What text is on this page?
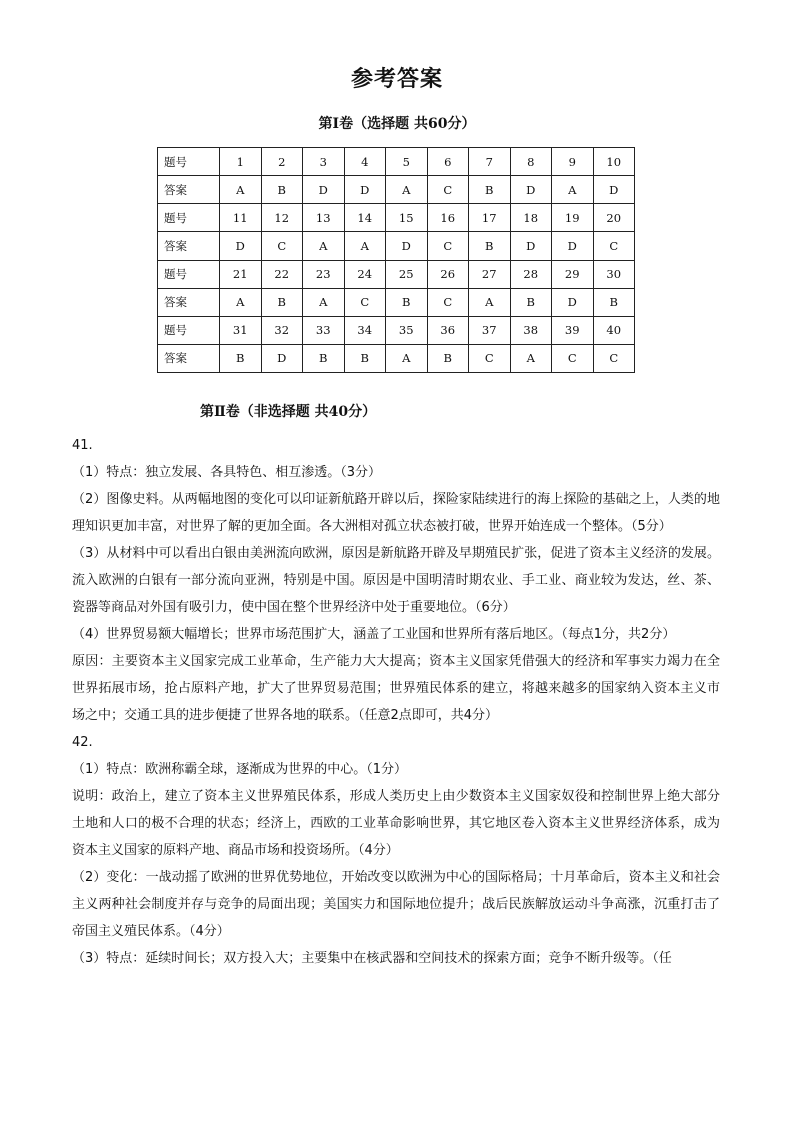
参考答案
第Ⅰ卷（选择题 共60分）
题号	1	2	3	4	5	6	7	8	9	10
答案	A	B	D	D	A	C	B	D	A	D
题号	11	12	13	14	15	16	17	18	19	20
答案	D	C	A	A	D	C	B	D	D	C
题号	21	22	23	24	25	26	27	28	29	30
答案	A	B	A	C	B	C	A	B	D	B
题号	31	32	33	34	35	36	37	38	39	40
答案	B	D	B	B	A	B	C	A	C	C
第Ⅱ卷（非选择题 共40分）

41.

（1）特点：独立发展、各具特色、相互渗透。（3分）

（2）图像史料。从两幅地图的变化可以印证新航路开辟以后，探险家陆续进行的海上探险的基础之上，人类的地理知识更加丰富，对世界了解的更加全面。各大洲相对孤立状态被打破，世界开始连成一个整体。（5分）

（3）从材料中可以看出白银由美洲流向欧洲，原因是新航路开辟及早期殖民扩张，促进了资本主义经济的发展。流入欧洲的白银有一部分流向亚洲，特别是中国。原因是中国明清时期农业、手工业、商业较为发达，丝、茶、瓷器等商品对外国有吸引力，使中国在整个世界经济中处于重要地位。（6分）

（4）世界贸易额大幅增长；世界市场范围扩大，涵盖了工业国和世界所有落后地区。（每点1分，共2分）

原因：主要资本主义国家完成工业革命，生产能力大大提高；资本主义国家凭借强大的经济和军事实力竭力在全世界拓展市场，抢占原料产地，扩大了世界贸易范围；世界殖民体系的建立，将越来越多的国家纳入资本主义市场之中；交通工具的进步便捷了世界各地的联系。（任意2点即可，共4分）

42.

（1）特点：欧洲称霸全球，逐渐成为世界的中心。（1分）

说明：政治上，建立了资本主义世界殖民体系，形成人类历史上由少数资本主义国家奴役和控制世界上绝大部分土地和人口的极不合理的状态；经济上，西欧的工业革命影响世界，其它地区卷入资本主义世界经济体系，成为资本主义国家的原料产地、商品市场和投资场所。（4分）

（2）变化：一战动摇了欧洲的世界优势地位，开始改变以欧洲为中心的国际格局；十月革命后，资本主义和社会主义两种社会制度并存与竞争的局面出现；美国实力和国际地位提升；战后民族解放运动斗争高涨，沉重打击了帝国主义殖民体系。（4分）

（3）特点：延续时间长；双方投入大；主要集中在核武器和空间技术的探索方面；竞争不断升级等。（任
